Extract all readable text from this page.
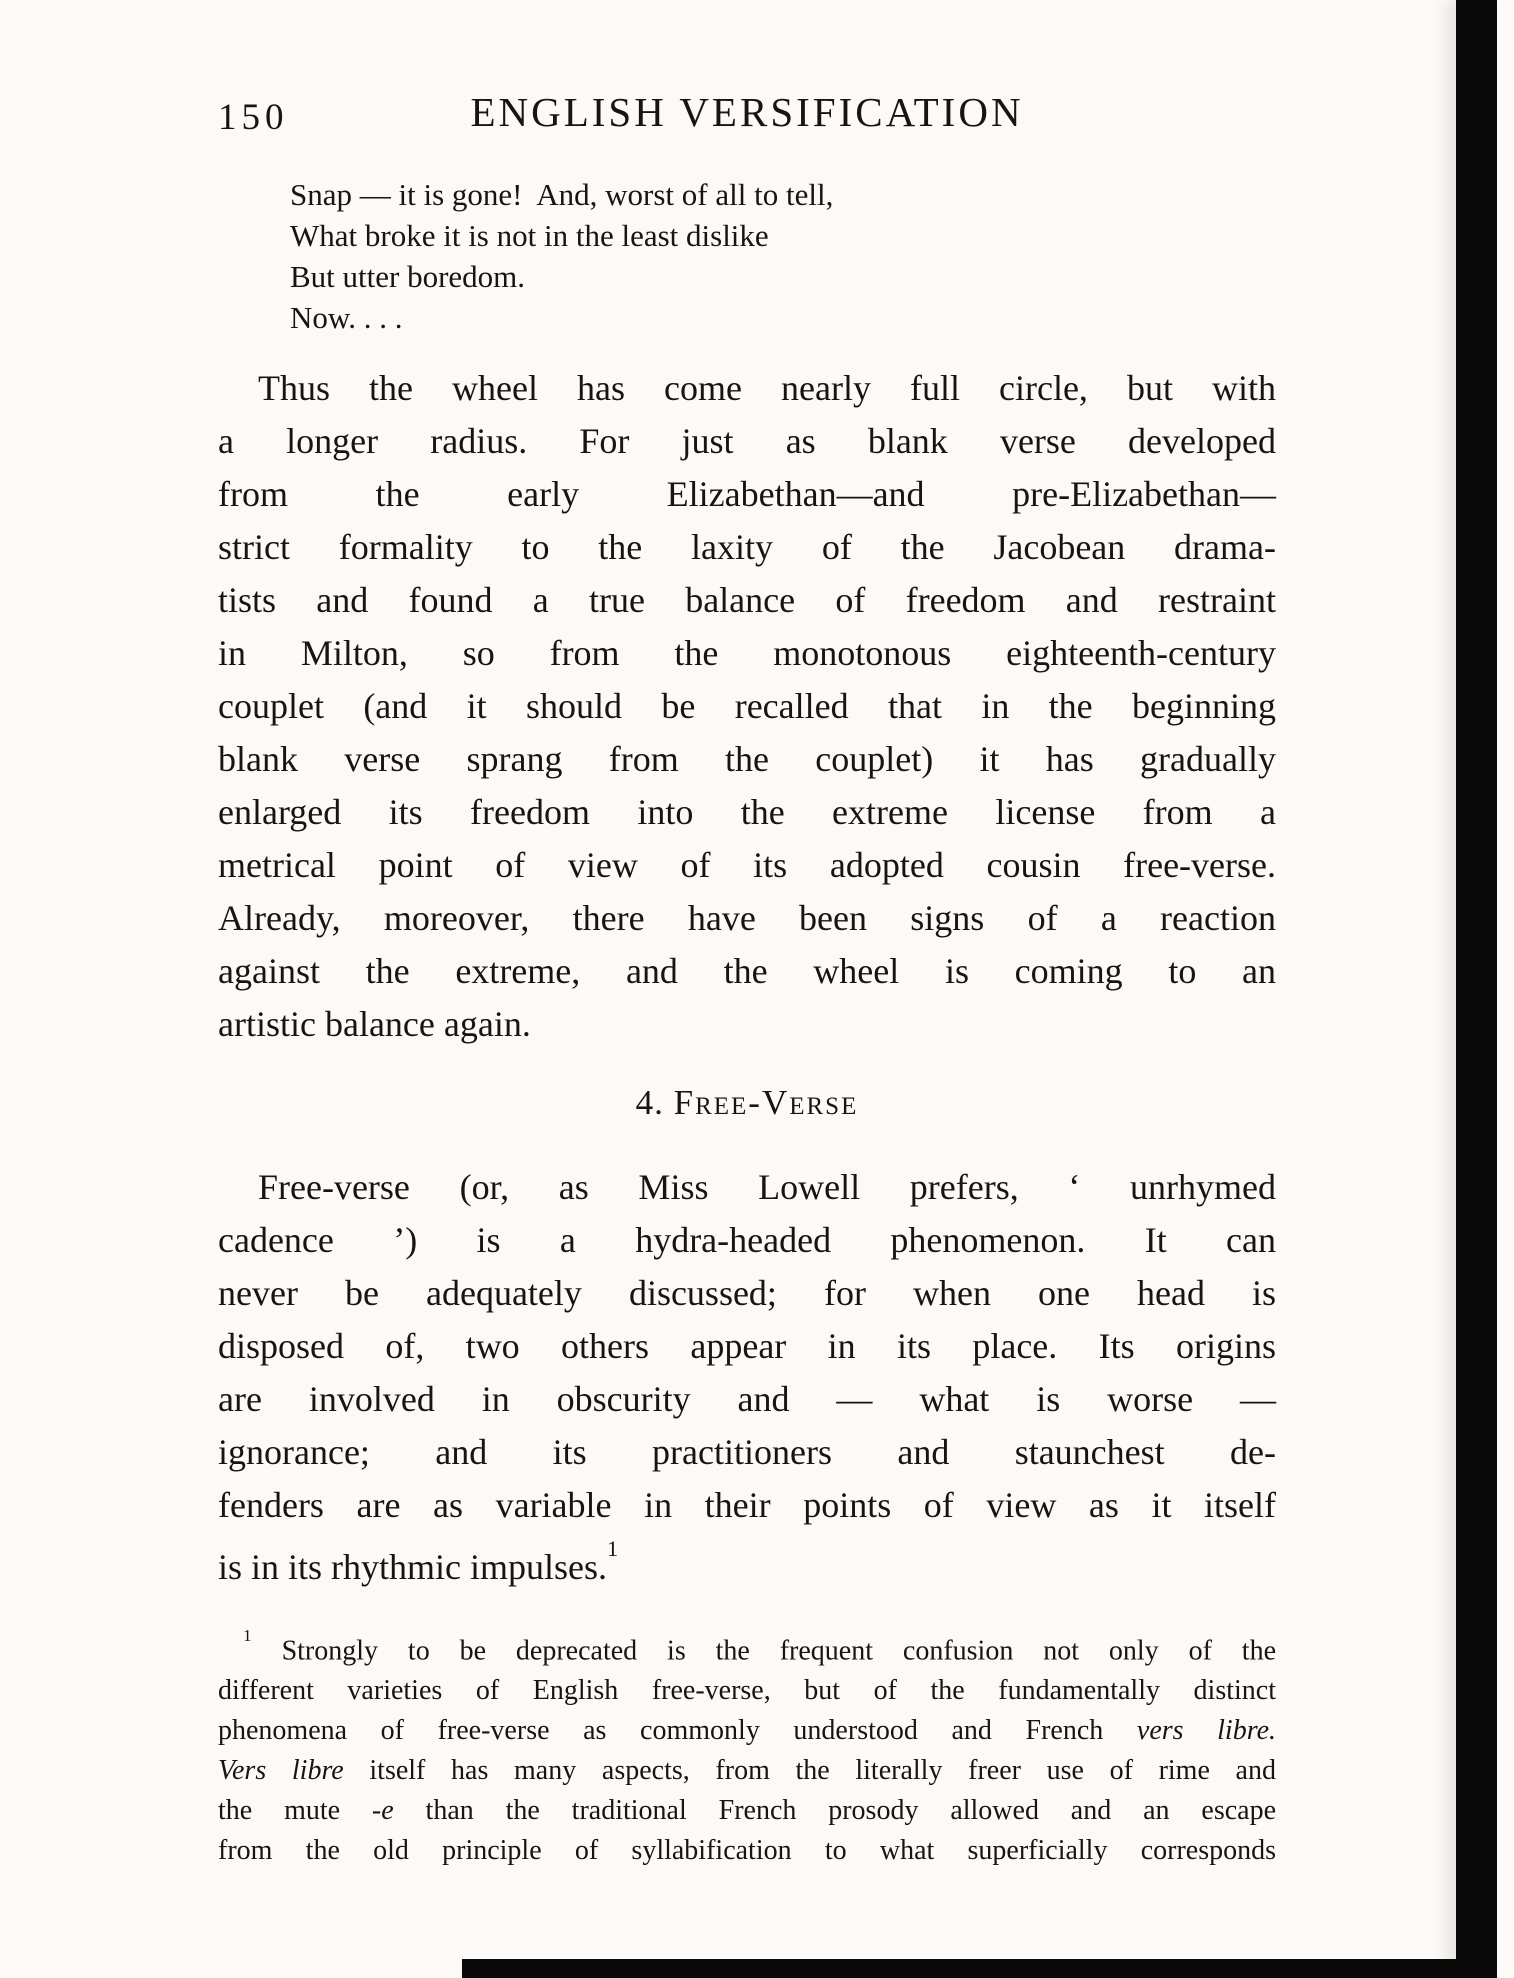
150	ENGLISH VERSIFICATION
Snap — it is gone!  And, worst of all to tell,
What broke it is not in the least dislike
But utter boredom.
Now. . . .
Thus the wheel has come nearly full circle, but with
a longer radius. For just as blank verse developed
from the early Elizabethan—and pre-Elizabethan—
strict formality to the laxity of the Jacobean drama-
tists and found a true balance of freedom and restraint
in Milton, so from the monotonous eighteenth-century
couplet (and it should be recalled that in the beginning
blank verse sprang from the couplet) it has gradually
enlarged its freedom into the extreme license from a
metrical point of view of its adopted cousin free-verse.
Already, moreover, there have been signs of a reaction
against the extreme, and the wheel is coming to an
artistic balance again.
4. Free-Verse
Free-verse (or, as Miss Lowell prefers, ‘ unrhymed
cadence ’) is a hydra-headed phenomenon. It can
never be adequately discussed; for when one head is
disposed of, two others appear in its place. Its origins
are involved in obscurity and — what is worse —
ignorance; and its practitioners and staunchest de-
fenders are as variable in their points of view as it itself
is in its rhythmic impulses.$^1$
$^1$ Strongly to be deprecated is the frequent confusion not only of the
different varieties of English free-verse, but of the fundamentally distinct
phenomena of free-verse as commonly understood and French vers libre.
Vers libre itself has many aspects, from the literally freer use of rime and
the mute -e than the traditional French prosody allowed and an escape
from the old principle of syllabification to what superficially corresponds
